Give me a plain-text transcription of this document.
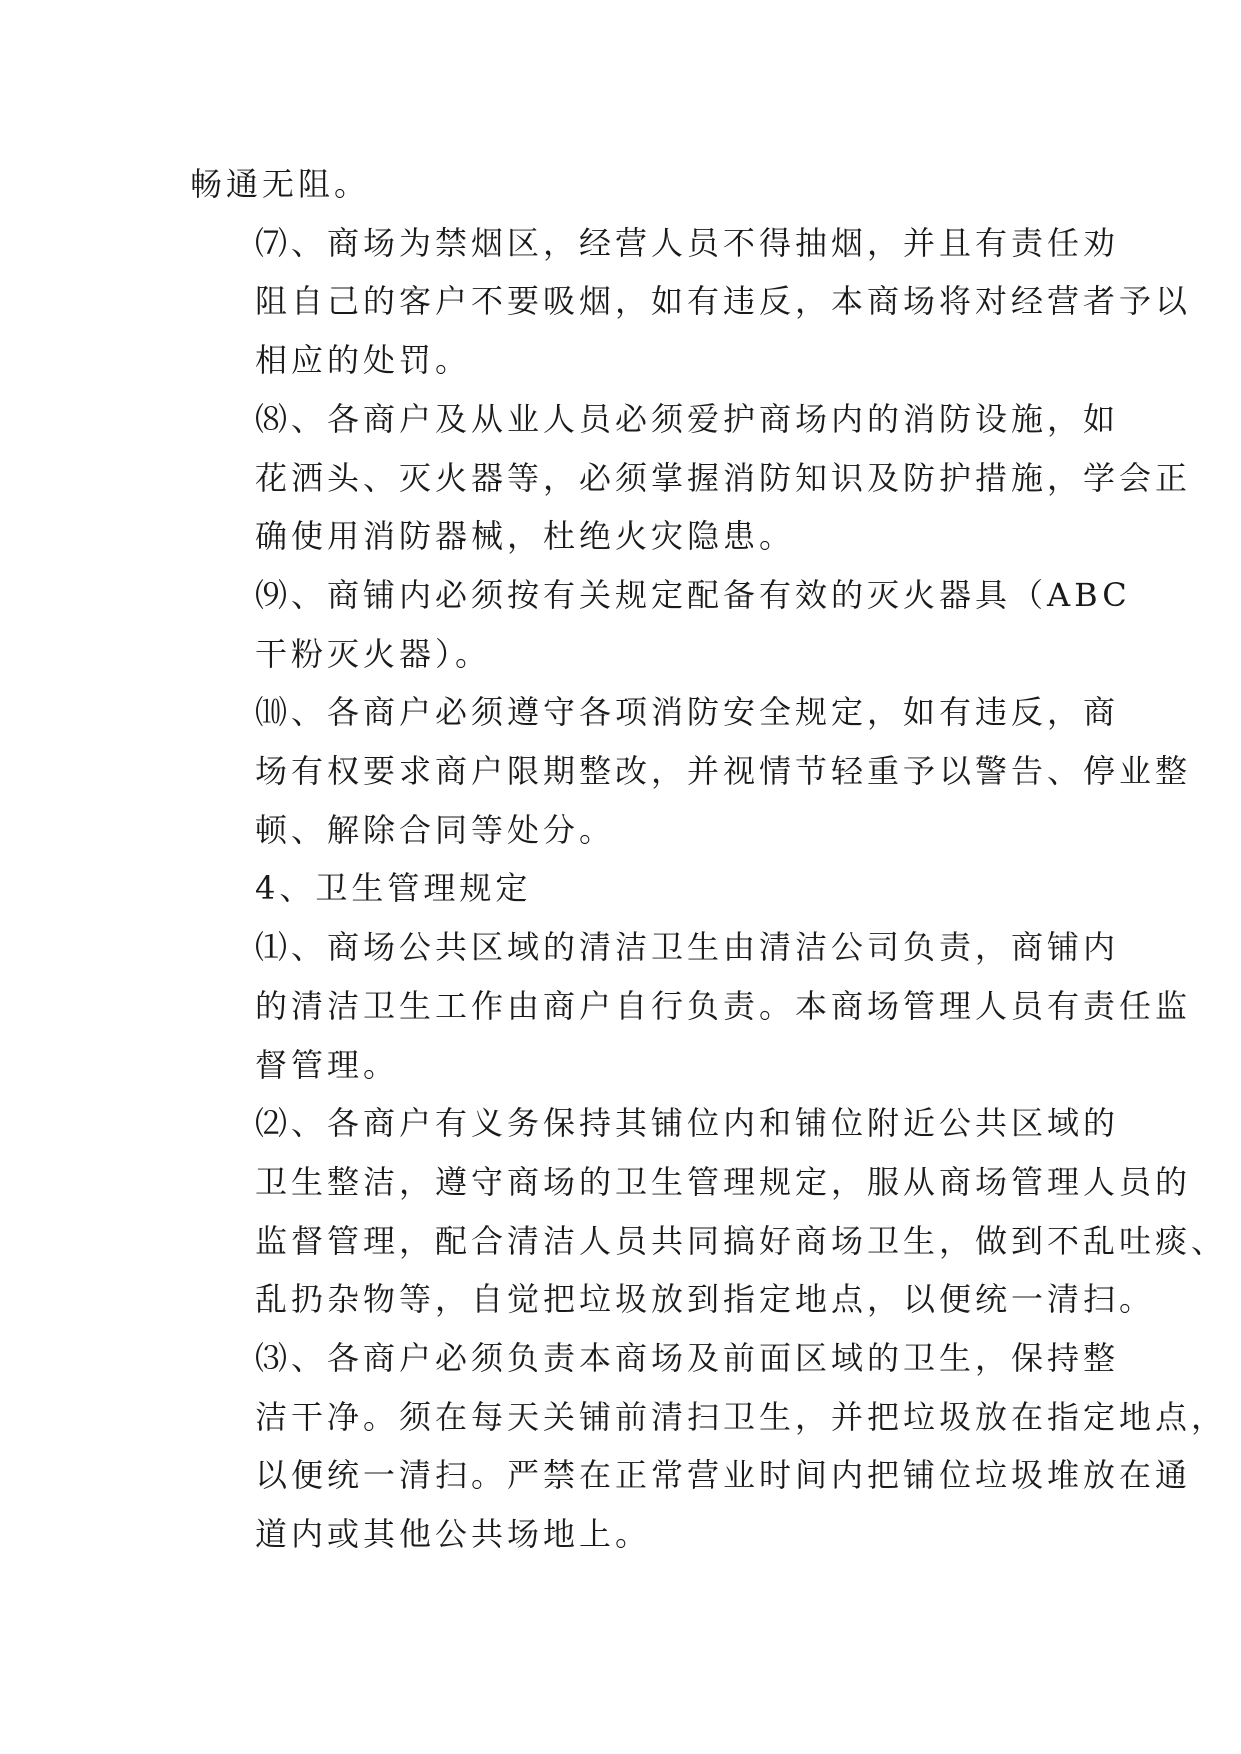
畅通无阻。

⑺、商场为禁烟区，经营人员不得抽烟，并且有责任劝
阻自己的客户不要吸烟，如有违反，本商场将对经营者予以
相应的处罚。

⑻、各商户及从业人员必须爱护商场内的消防设施，如
花洒头、灭火器等，必须掌握消防知识及防护措施，学会正
确使用消防器械，杜绝火灾隐患。

⑼、商铺内必须按有关规定配备有效的灭火器具（ABC
干粉灭火器）。

⑽、各商户必须遵守各项消防安全规定，如有违反，商
场有权要求商户限期整改，并视情节轻重予以警告、停业整
顿、解除合同等处分。

4、卫生管理规定

⑴、商场公共区域的清洁卫生由清洁公司负责，商铺内
的清洁卫生工作由商户自行负责。本商场管理人员有责任监
督管理。

⑵、各商户有义务保持其铺位内和铺位附近公共区域的
卫生整洁，遵守商场的卫生管理规定，服从商场管理人员的
监督管理，配合清洁人员共同搞好商场卫生，做到不乱吐痰、
乱扔杂物等，自觉把垃圾放到指定地点，以便统一清扫。

⑶、各商户必须负责本商场及前面区域的卫生，保持整
洁干净。须在每天关铺前清扫卫生，并把垃圾放在指定地点，
以便统一清扫。严禁在正常营业时间内把铺位垃圾堆放在通
道内或其他公共场地上。
